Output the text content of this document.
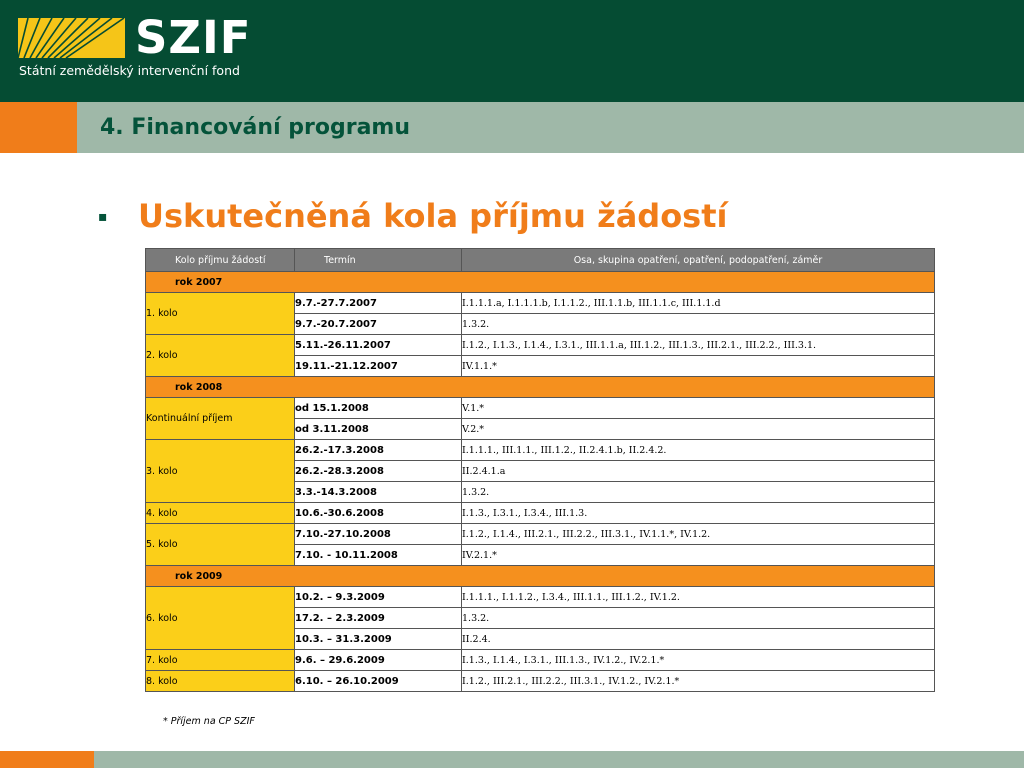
SZIF
Státní zemědělský intervenční fond
4. Financování programu
▪ Uskutečněná kola příjmu žádostí
Kolo příjmu žádostí	Termín	Osa, skupina opatření, opatření, podopatření, záměr
rok 2007		
1. kolo	9.7.-27.7.2007	I.1.1.1.a, I.1.1.1.b, I.1.1.2., III.1.1.b, III.1.1.c, III.1.1.d
	9.7.-20.7.2007	1.3.2.
2. kolo	5.11.-26.11.2007	I.1.2., I.1.3., I.1.4., I.3.1., III.1.1.a, III.1.2., III.1.3., III.2.1., III.2.2., III.3.1.
	19.11.-21.12.2007	IV.1.1.*
rok 2008		
Kontinuální příjem	od 15.1.2008	V.1.*
	od 3.11.2008	V.2.*
3. kolo	26.2.-17.3.2008	I.1.1.1., III.1.1., III.1.2., II.2.4.1.b, II.2.4.2.
	26.2.-28.3.2008	II.2.4.1.a
	3.3.-14.3.2008	1.3.2.
4. kolo	10.6.-30.6.2008	I.1.3., I.3.1., I.3.4., III.1.3.
5. kolo	7.10.-27.10.2008	I.1.2., I.1.4., III.2.1., III.2.2., III.3.1., IV.1.1.*, IV.1.2.
	7.10. - 10.11.2008	IV.2.1.*
rok 2009		
6. kolo	10.2. – 9.3.2009	I.1.1.1., I.1.1.2., I.3.4., III.1.1., III.1.2., IV.1.2.
	17.2. – 2.3.2009	1.3.2.
	10.3. – 31.3.2009	II.2.4.
7. kolo	9.6. – 29.6.2009	I.1.3., I.1.4., I.3.1., III.1.3., IV.1.2., IV.2.1.*
8. kolo	6.10. – 26.10.2009	I.1.2., III.2.1., III.2.2., III.3.1., IV.1.2., IV.2.1.*
* Příjem na CP SZIF
